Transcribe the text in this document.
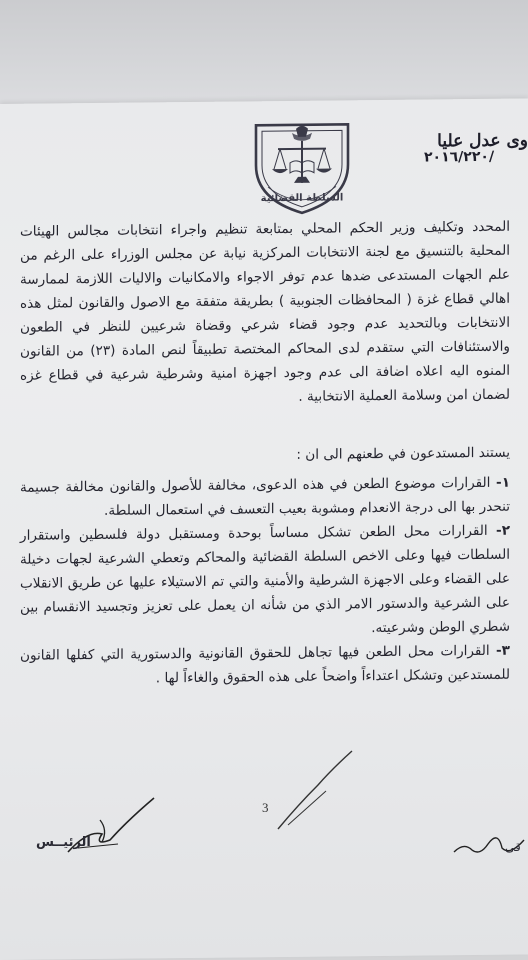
وى عدل عليا
٢٠١٦/٢٢٠/
السلطة القضائية

المحدد وتكليف وزير الحكم المحلي بمتابعة تنظيم واجراء انتخابات مجالس الهيئات المحلية بالتنسيق مع لجنة الانتخابات المركزية نيابة عن مجلس الوزراء على الرغم من علم الجهات المستدعى ضدها عدم توفر الاجواء والامكانيات والاليات اللازمة لممارسة اهالي قطاع غزة ( المحافظات الجنوبية ) بطريقة متفقة مع الاصول والقانون لمثل هذه الانتخابات وبالتحديد عدم وجود قضاء شرعي وقضاة شرعيين للنظر في الطعون والاستئنافات التي ستقدم لدى المحاكم المختصة تطبيقاً لنص المادة (٢٣) من القانون المنوه اليه اعلاه اضافة الى عدم وجود اجهزة امنية وشرطية شرعية في قطاع غزه لضمان امن وسلامة العملية الانتخابية .

يستند المستدعون في طعنهم الى ان :

١- القرارات موضوع الطعن في هذه الدعوى، مخالفة للأصول والقانون مخالفة جسيمة تنحدر بها الى درجة الانعدام ومشوبة بعيب التعسف في استعمال السلطة.

٢- القرارات محل الطعن تشكل مساساً بوحدة ومستقبل دولة فلسطين واستقرار السلطات فيها وعلى الاخص السلطة القضائية والمحاكم وتعطي الشرعية لجهات دخيلة على القضاء وعلى الاجهزة الشرطية والأمنية والتي تم الاستيلاء عليها عن طريق الانقلاب على الشرعية والدستور الامر الذي من شأنه ان يعمل على تعزيز وتجسيد الانقسام بين شطري الوطن وشرعيته.

٣- القرارات محل الطعن فيها تجاهل للحقوق القانونية والدستورية التي كفلها القانون للمستدعين وتشكل اعتداءاً واضحاً على هذه الحقوق والغاءاً لها .

3
الرئيــس	قى
